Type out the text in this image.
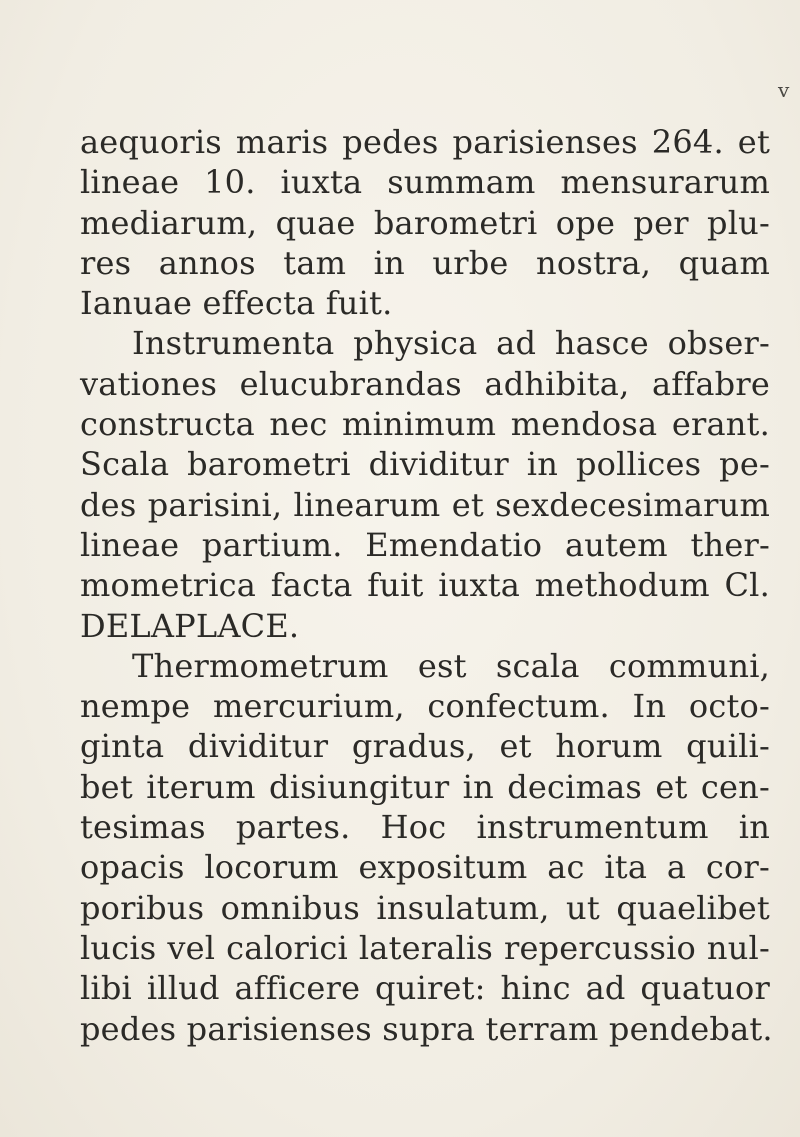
v
aequoris maris pedes parisienses 264. et
lineae 10. iuxta summam mensurarum
mediarum, quae barometri ope per plu-
res annos tam in urbe nostra, quam
Ianuae effecta fuit.
Instrumenta physica ad hasce obser-
vationes elucubrandas adhibita, affabre
constructa nec minimum mendosa erant.
Scala barometri dividitur in pollices pe-
des parisini, linearum et sexdecesimarum
lineae partium. Emendatio autem ther-
mometrica facta fuit iuxta methodum Cl.
DELAPLACE.
Thermometrum est scala communi,
nempe mercurium, confectum. In octo-
ginta dividitur gradus, et horum quili-
bet iterum disiungitur in decimas et cen-
tesimas partes. Hoc instrumentum in
opacis locorum expositum ac ita a cor-
poribus omnibus insulatum, ut quaelibet
lucis vel calorici lateralis repercussio nul-
libi illud afficere quiret: hinc ad quatuor
pedes parisienses supra terram pendebat.
